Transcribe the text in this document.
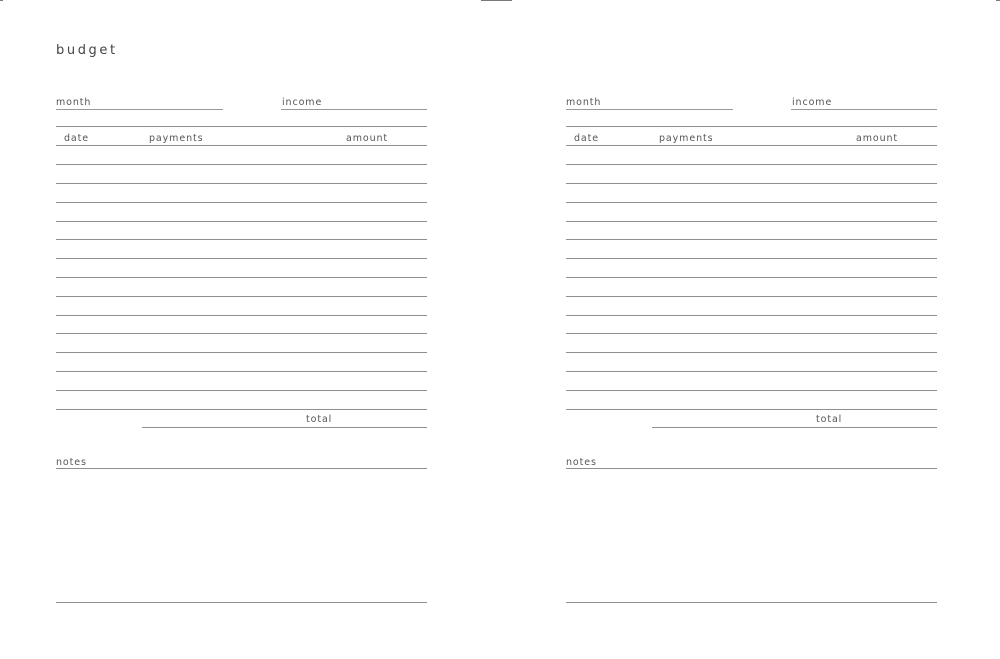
budget
month	income
date	payments	amount
total
notes
month	income
date	payments	amount
total
notes
